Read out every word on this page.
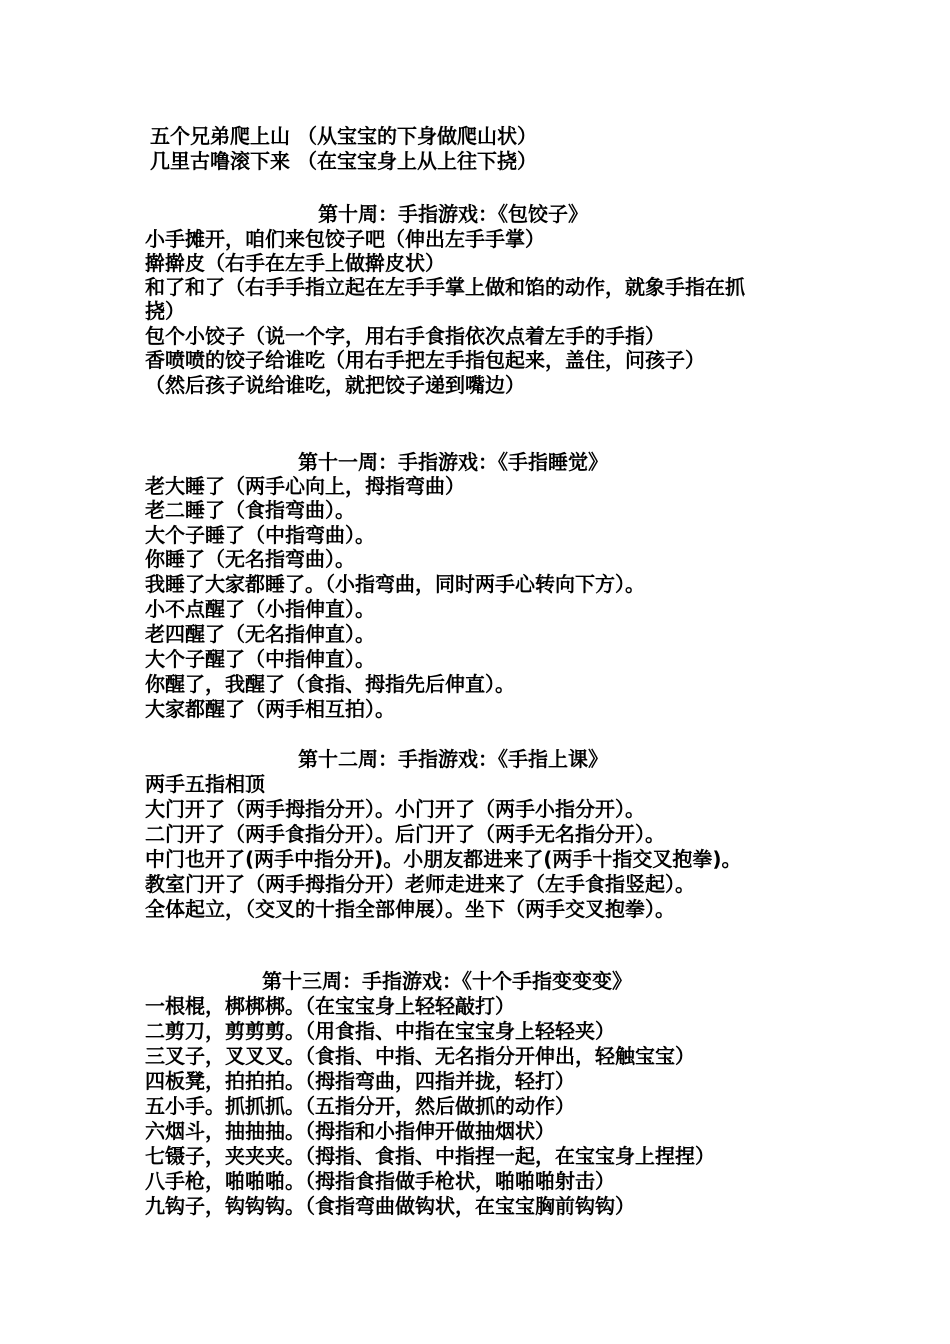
五个兄弟爬上山 （从宝宝的下身做爬山状）
几里古噜滚下来 （在宝宝身上从上往下挠）
第十周：手指游戏：《包饺子》
小手摊开，咱们来包饺子吧（伸出左手手掌）
擀擀皮（右手在左手上做擀皮状）
和了和了（右手手指立起在左手手掌上做和馅的动作，就象手指在抓
挠）
包个小饺子（说一个字，用右手食指依次点着左手的手指）
香喷喷的饺子给谁吃（用右手把左手指包起来，盖住，问孩子）
（然后孩子说给谁吃，就把饺子递到嘴边）
第十一周：手指游戏：《手指睡觉》
老大睡了（两手心向上，拇指弯曲）
老二睡了（食指弯曲）。
大个子睡了（中指弯曲）。
你睡了（无名指弯曲）。
我睡了大家都睡了。（小指弯曲，同时两手心转向下方）。
小不点醒了（小指伸直）。
老四醒了（无名指伸直）。
大个子醒了（中指伸直）。
你醒了，我醒了（食指、拇指先后伸直）。
大家都醒了（两手相互拍）。
第十二周：手指游戏：《手指上课》
两手五指相顶
大门开了（两手拇指分开）。小门开了（两手小指分开）。
二门开了（两手食指分开）。后门开了（两手无名指分开）。
中门也开了(两手中指分开)。小朋友都进来了(两手十指交叉抱拳)。
教室门开了（两手拇指分开）老师走进来了（左手食指竖起）。
全体起立，（交叉的十指全部伸展）。坐下（两手交叉抱拳）。
第十三周：手指游戏：《十个手指变变变》
一根棍，梆梆梆。（在宝宝身上轻轻敲打）
二剪刀，剪剪剪。（用食指、中指在宝宝身上轻轻夹）
三叉子，叉叉叉。（食指、中指、无名指分开伸出，轻触宝宝）
四板凳，拍拍拍。（拇指弯曲，四指并拢，轻打）
五小手。抓抓抓。（五指分开，然后做抓的动作）
六烟斗，抽抽抽。（拇指和小指伸开做抽烟状）
七镊子，夹夹夹。（拇指、食指、中指捏一起，在宝宝身上捏捏）
八手枪，啪啪啪。（拇指食指做手枪状，啪啪啪射击）
九钩子，钩钩钩。（食指弯曲做钩状，在宝宝胸前钩钩）
